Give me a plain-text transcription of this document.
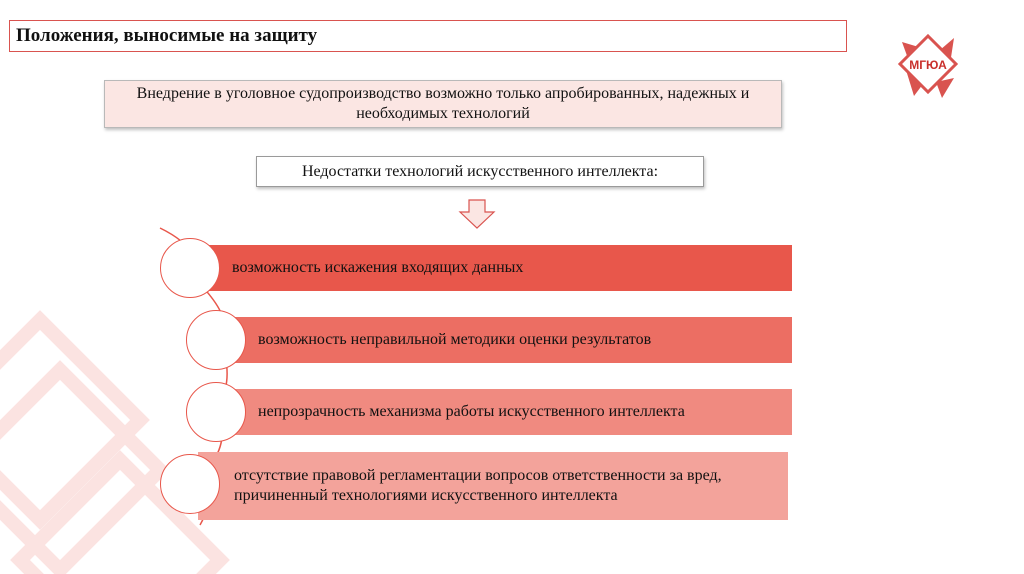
Положения, выносимые на защиту
МГЮА
Внедрение в уголовное судопроизводство возможно только апробированных, надежных и необходимых технологий
Недостатки технологий искусственного интеллекта:
возможность искажения входящих данных
возможность неправильной методики оценки результатов
непрозрачность механизма работы искусственного интеллекта
отсутствие правовой регламентации вопросов ответственности за вред, причиненный технологиями искусственного интеллекта
